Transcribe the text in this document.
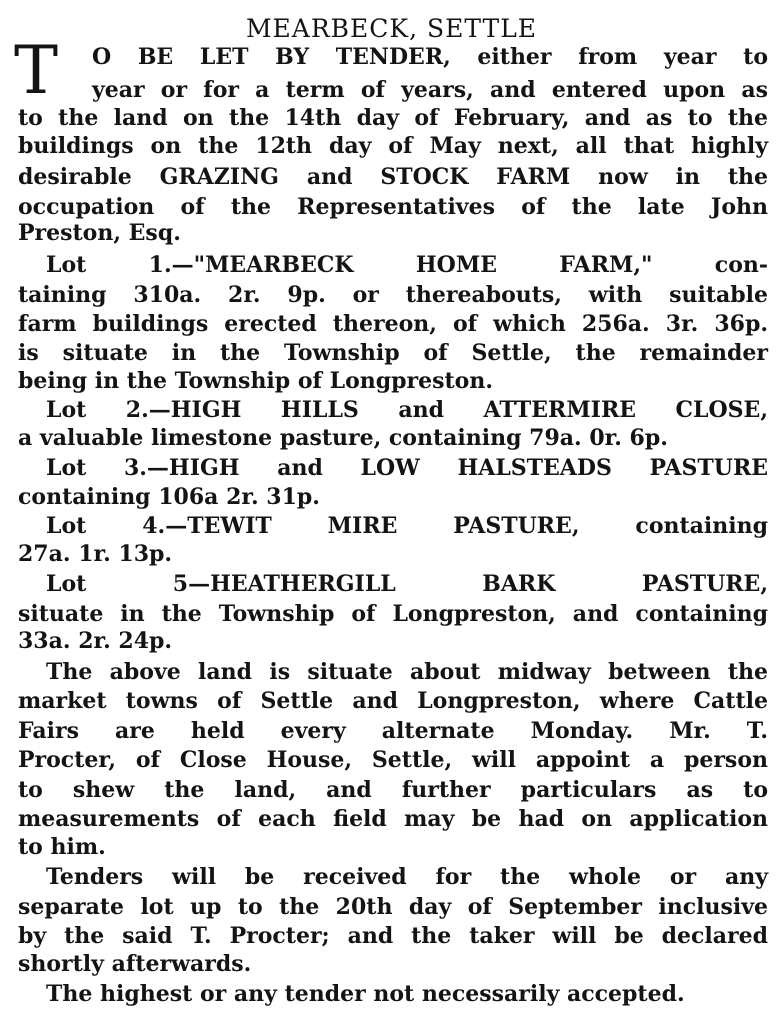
MEARBECK, SETTLE
T O BE LET BY TENDER, either from year to

year or for a term of years, and entered upon as

to the land on the 14th day of February, and as to the

buildings on the 12th day of May next, all that highly

desirable GRAZING and STOCK FARM now in the

occupation of the Representatives of the late John

Preston, Esq.

Lot 1.—"MEARBECK HOME FARM," con-

taining 310a. 2r. 9p. or thereabouts, with suitable

farm buildings erected thereon, of which 256a. 3r. 36p.

is situate in the Township of Settle, the remainder

being in the Township of Longpreston.

Lot 2.—HIGH HILLS and ATTERMIRE CLOSE,

a valuable limestone pasture, containing 79a. 0r. 6p.

Lot 3.—HIGH and LOW HALSTEADS PASTURE

containing 106a 2r. 31p.

Lot 4.—TEWIT MIRE PASTURE, containing

27a. 1r. 13p.

Lot 5—HEATHERGILL BARK PASTURE,

situate in the Township of Longpreston, and containing

33a. 2r. 24p.

The above land is situate about midway between the

market towns of Settle and Longpreston, where Cattle

Fairs are held every alternate Monday. Mr. T.

Procter, of Close House, Settle, will appoint a person

to shew the land, and further particulars as to

measurements of each field may be had on application

to him.

Tenders will be received for the whole or any

separate lot up to the 20th day of September inclusive

by the said T. Procter; and the taker will be declared

shortly afterwards.

The highest or any tender not necessarily accepted.
